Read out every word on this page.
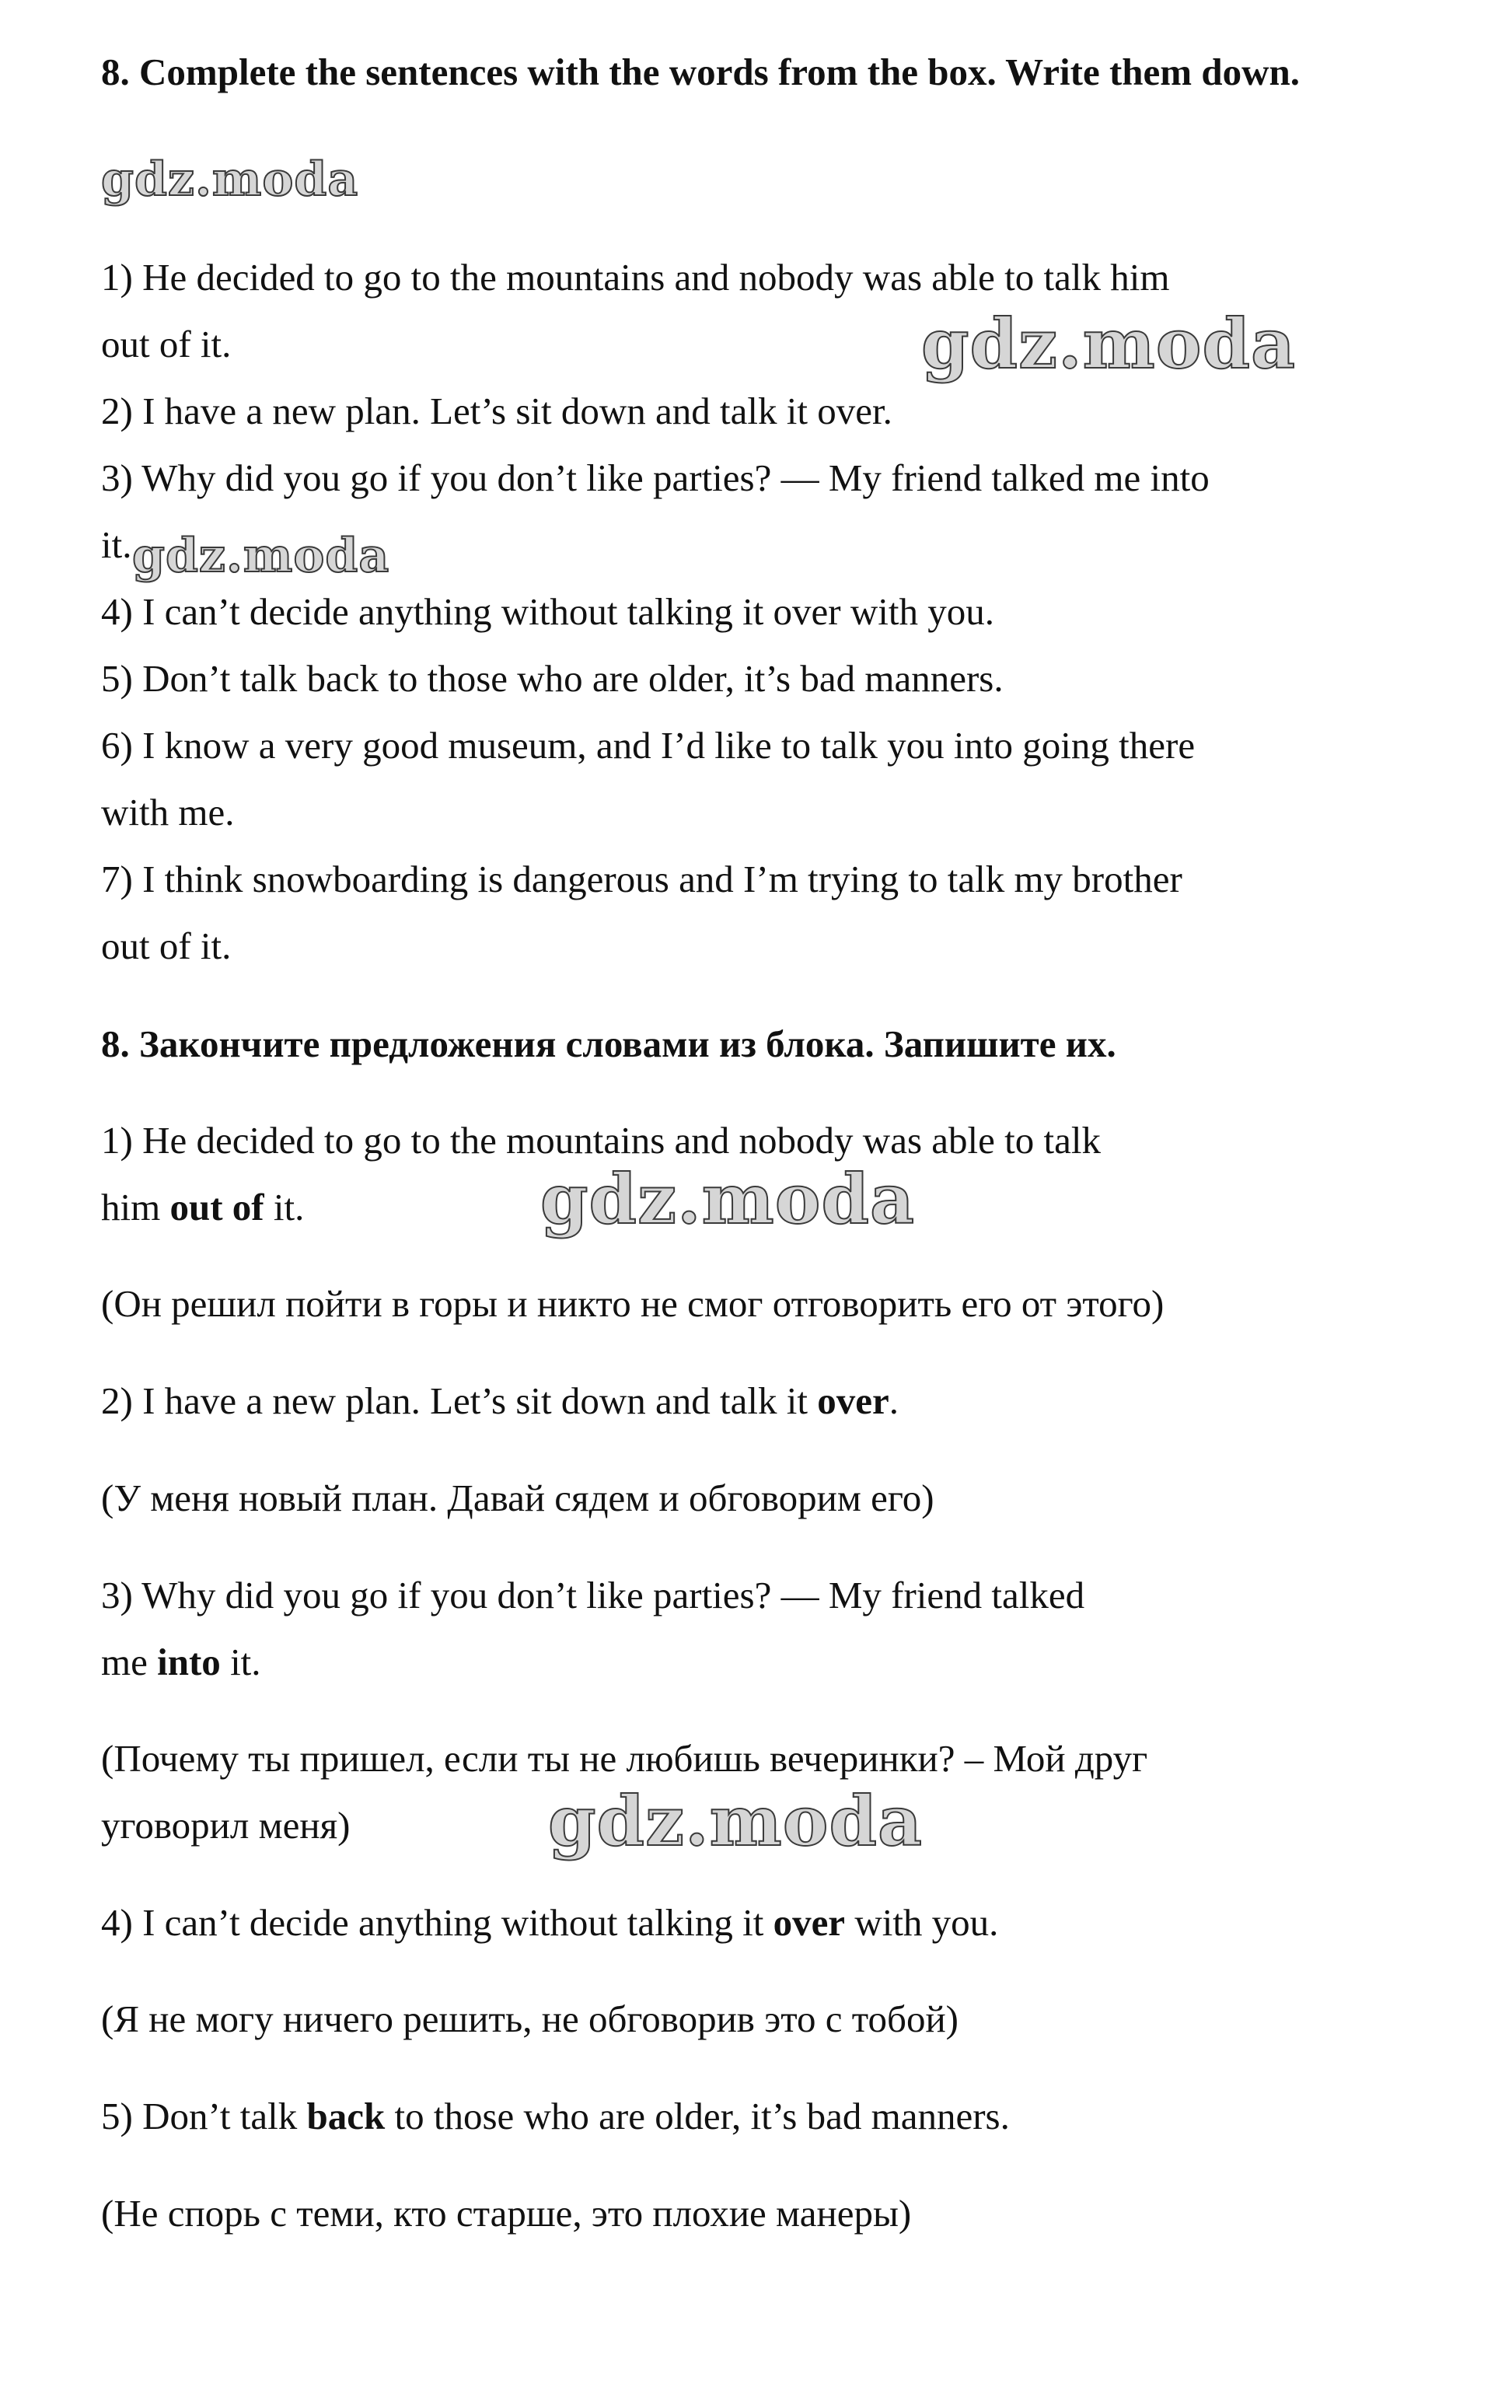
8. Complete the sentences with the words from the box. Write them down.

1) He decided to go to the mountains and nobody was able to talk him

out of it.

2) I have a new plan. Let’s sit down and talk it over.

3) Why did you go if you don’t like parties? — My friend talked me into

it.

4) I can’t decide anything without talking it over with you.

5) Don’t talk back to those who are older, it’s bad manners.

6) I know a very good museum, and I’d like to talk you into going there

with me.

7) I think snowboarding is dangerous and I’m trying to talk my brother

out of it.

8. Закончите предложения словами из блока. Запишите их.

1) He decided to go to the mountains and nobody was able to talk

him out of it.

(Он решил пойти в горы и никто не смог отговорить его от этого)

2) I have a new plan. Let’s sit down and talk it over.

(У меня новый план. Давай сядем и обговорим его)

3) Why did you go if you don’t like parties? — My friend talked

me into it.

(Почему ты пришел, если ты не любишь вечеринки? – Мой друг

уговорил меня)

4) I can’t decide anything without talking it over with you.

(Я не могу ничего решить, не обговорив это с тобой)

5) Don’t talk back to those who are older, it’s bad manners.

(Не спорь с теми, кто старше, это плохие манеры)

gdz.moda
gdz.moda
gdz.moda
gdz.moda
gdz.moda
